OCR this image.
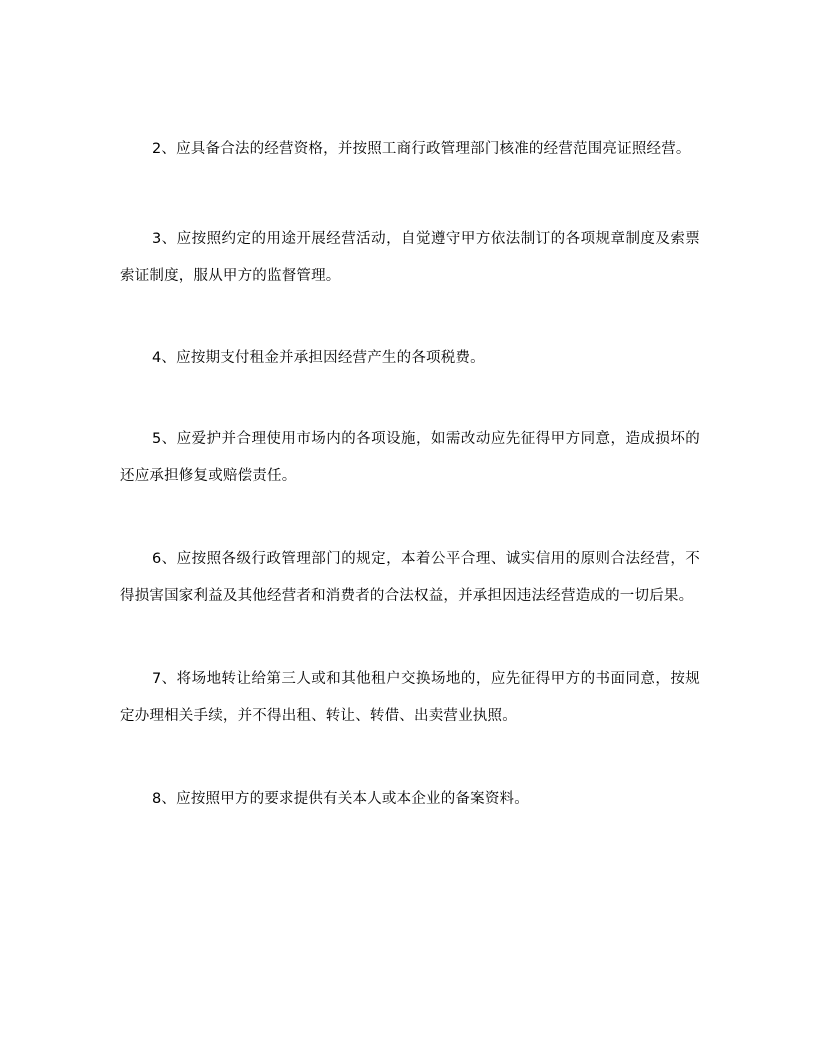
2、应具备合法的经营资格，并按照工商行政管理部门核准的经营范围亮证照经营。

3、应按照约定的用途开展经营活动，自觉遵守甲方依法制订的各项规章制度及索票索证制度，服从甲方的监督管理。

4、应按期支付租金并承担因经营产生的各项税费。

5、应爱护并合理使用市场内的各项设施，如需改动应先征得甲方同意，造成损坏的还应承担修复或赔偿责任。

6、应按照各级行政管理部门的规定，本着公平合理、诚实信用的原则合法经营，不得损害国家利益及其他经营者和消费者的合法权益，并承担因违法经营造成的一切后果。

7、将场地转让给第三人或和其他租户交换场地的，应先征得甲方的书面同意，按规定办理相关手续，并不得出租、转让、转借、出卖营业执照。

8、应按照甲方的要求提供有关本人或本企业的备案资料。
